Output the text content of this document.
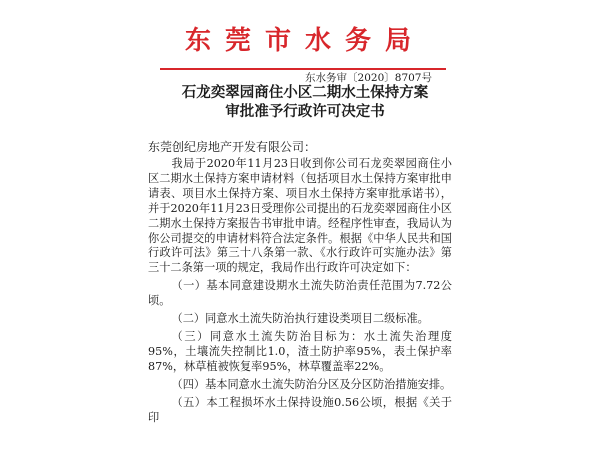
东莞市水务局
东水务审〔2020〕8707号
石龙奕翠园商住小区二期水土保持方案
审批准予行政许可决定书
东莞创纪房地产开发有限公司：

我局于2020年11月23日收到你公司石龙奕翠园商住小区二期水土保持方案申请材料（包括项目水土保持方案审批申请表、项目水土保持方案、项目水土保持方案审批承诺书），并于2020年11月23日受理你公司提出的石龙奕翠园商住小区二期水土保持方案报告书审批申请。经程序性审查，我局认为你公司提交的申请材料符合法定条件。根据《中华人民共和国行政许可法》第三十八条第一款、《水行政许可实施办法》第三十二条第一项的规定，我局作出行政许可决定如下：

（一）基本同意建设期水土流失防治责任范围为7.72公顷。

（二）同意水土流失防治执行建设类项目二级标准。

（三）同意水土流失防治目标为：水土流失治理度95%，土壤流失控制比1.0，渣土防护率95%，表土保护率87%，林草植被恢复率95%，林草覆盖率22%。

（四）基本同意水土流失防治分区及分区防治措施安排。

（五）本工程损坏水土保持设施0.56公顷，根据《关于印
